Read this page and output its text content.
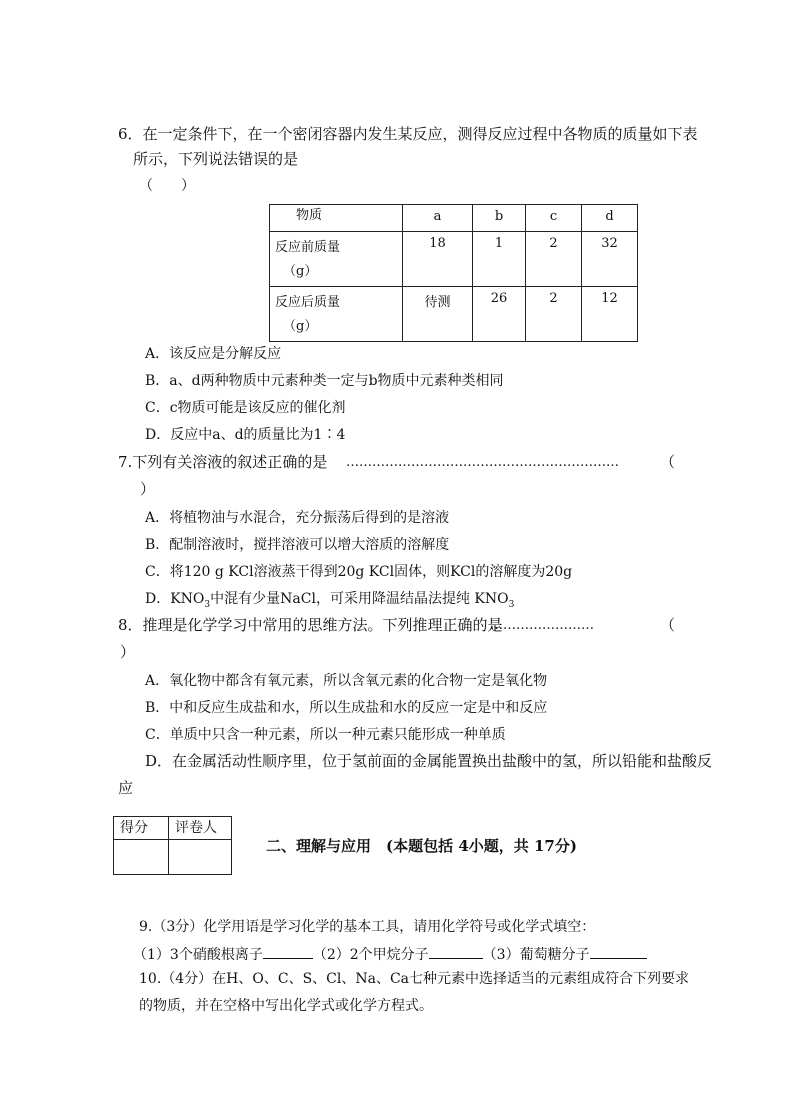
6．在一定条件下，在一个密闭容器内发生某反应，测得反应过程中各物质的质量如下表
所示，下列说法错误的是
（　　）
物质	a	b	c	d

反应前质量
（g）	18	1	2	32

反应后质量
（g）	待测	26	2	12
A．该反应是分解反应
B．a、d两种物质中元素种类一定与b物质中元素种类相同
C．c物质可能是该反应的催化剂
D．反应中a、d的质量比为1∶4
7.下列有关溶液的叙述正确的是 ………………………………………………………	（
）
A．将植物油与水混合，充分振荡后得到的是溶液
B．配制溶液时，搅拌溶液可以增大溶质的溶解度
C．将120 g KCl溶液蒸干得到20g KCl固体，则KCl的溶解度为20g
D．$KNO_3$中混有少量NaCl，可采用降温结晶法提纯 $KNO_3$
8．推理是化学学习中常用的思维方法。下列推理正确的是
……………………	（
）
A．氧化物中都含有氧元素，所以含氧元素的化合物一定是氧化物
B．中和反应生成盐和水，所以生成盐和水的反应一定是中和反应
C．单质中只含一种元素，所以一种元素只能形成一种单质
D．在金属活动性顺序里，位于氢前面的金属能置换出盐酸中的氢，所以铅能和盐酸反
应
得分	评卷人

二、理解与应用　(本题包括 4小题，共 17分)
9.（3分）化学用语是学习化学的基本工具，请用化学符号或化学式填空：
（1）3个硝酸根离子	（2）2个甲烷分子	（3）葡萄糖分子
10.（4分）在H、O、C、S、Cl、Na、Ca七种元素中选择适当的元素组成符合下列要求
的物质，并在空格中写出化学式或化学方程式。
